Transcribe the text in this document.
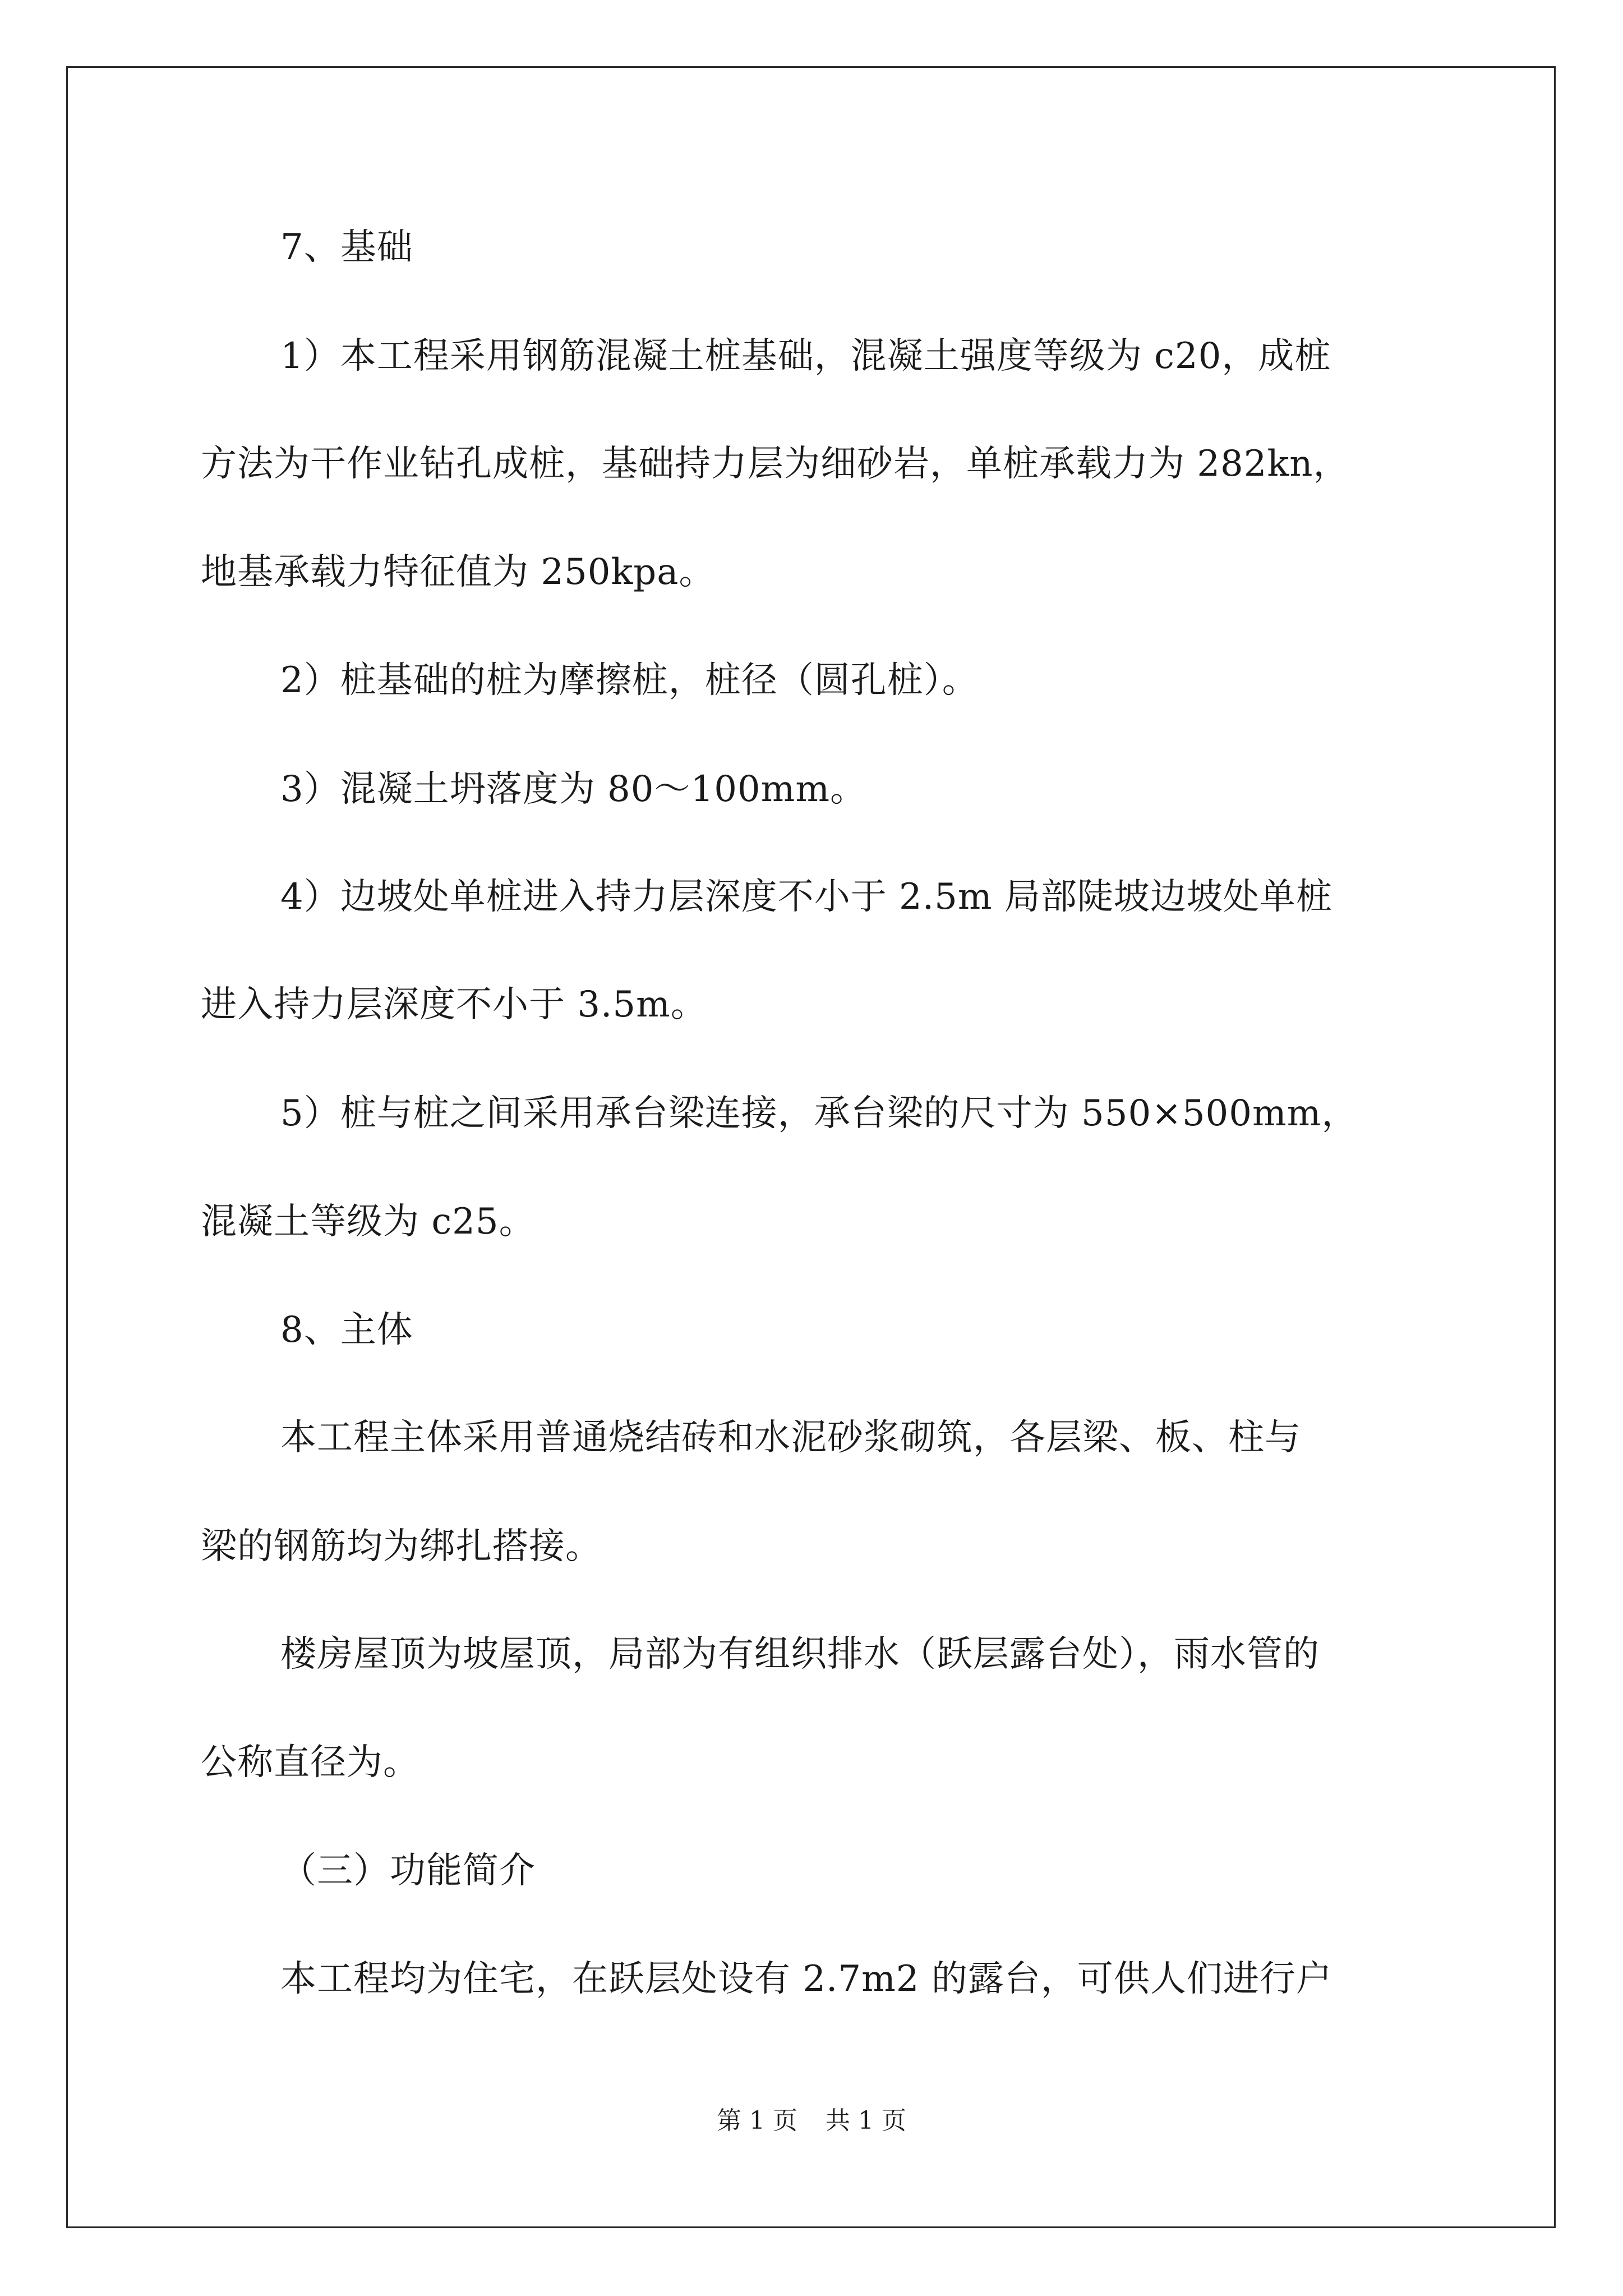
7、基础
1）本工程采用钢筋混凝土桩基础，混凝土强度等级为 c20，成桩
方法为干作业钻孔成桩，基础持力层为细砂岩，单桩承载力为 282kn，
地基承载力特征值为 250kpa。
2）桩基础的桩为摩擦桩，桩径（圆孔桩）。
3）混凝土坍落度为 80～100mm。
4）边坡处单桩进入持力层深度不小于 2.5m 局部陡坡边坡处单桩
进入持力层深度不小于 3.5m。
5）桩与桩之间采用承台梁连接，承台梁的尺寸为 550×500mm，
混凝土等级为 c25。
8、主体
本工程主体采用普通烧结砖和水泥砂浆砌筑，各层梁、板、柱与
梁的钢筋均为绑扎搭接。
楼房屋顶为坡屋顶，局部为有组织排水（跃层露台处），雨水管的
公称直径为。
（三）功能简介
本工程均为住宅，在跃层处设有 2.7m2 的露台，可供人们进行户
第 1 页 共 1 页
